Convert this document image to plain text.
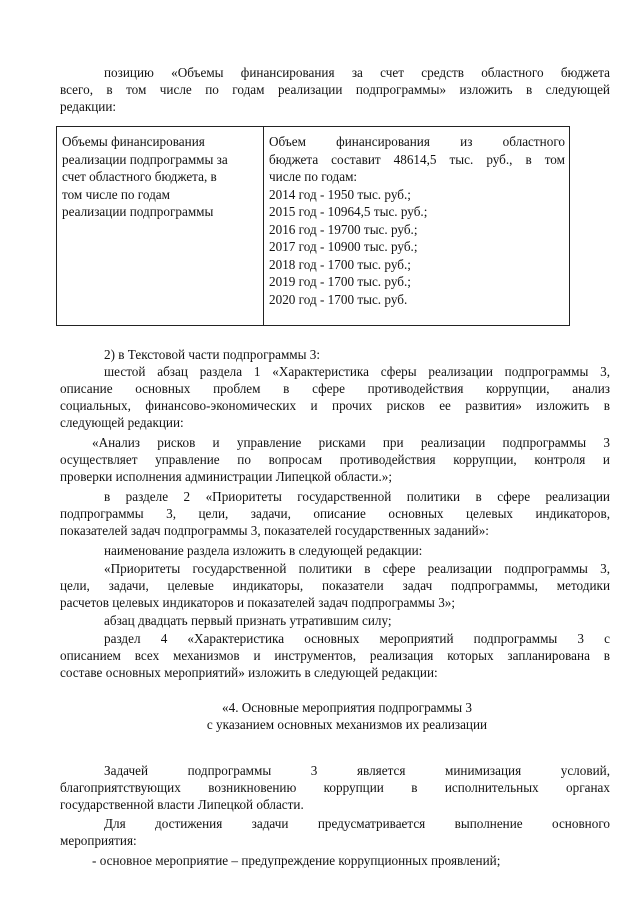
позицию «Объемы финансирования за счет средств областного бюджета

всего, в том числе по годам реализации подпрограммы» изложить в следующей

редакции:

Объемы финансирования
реализации подпрограммы за
счет областного бюджета, в
том числе по годам
реализации подпрограммы

Объем финансирования из областного
бюджета составит 48614,5 тыс. руб., в том
числе по годам:
2014 год - 1950 тыс. руб.;
2015 год - 10964,5 тыс. руб.;
2016 год - 19700 тыс. руб.;
2017 год - 10900 тыс. руб.;
2018 год - 1700 тыс. руб.;
2019 год - 1700 тыс. руб.;
2020 год - 1700 тыс. руб.

2) в Текстовой части подпрограммы 3:

шестой абзац раздела 1 «Характеристика сферы реализации подпрограммы 3,

описание основных проблем в сфере противодействия коррупции, анализ

социальных, финансово-экономических и прочих рисков ее развития» изложить в

следующей редакции:

«Анализ рисков и управление рисками при реализации подпрограммы 3

осуществляет управление по вопросам противодействия коррупции, контроля и

проверки исполнения администрации Липецкой области.»;

в разделе 2 «Приоритеты государственной политики в сфере реализации

подпрограммы 3, цели, задачи, описание основных целевых индикаторов,

показателей задач подпрограммы 3, показателей государственных заданий»:

наименование раздела изложить в следующей редакции:

«Приоритеты государственной политики в сфере реализации подпрограммы 3,

цели, задачи, целевые индикаторы, показатели задач подпрограммы, методики

расчетов целевых индикаторов и показателей задач подпрограммы 3»;

абзац двадцать первый признать утратившим силу;

раздел 4 «Характеристика основных мероприятий подпрограммы 3 с

описанием всех механизмов и инструментов, реализация которых запланирована в

составе основных мероприятий» изложить в следующей редакции:

«4. Основные мероприятия подпрограммы 3

с указанием основных механизмов их реализации

Задачей подпрограммы 3 является минимизация условий,

благоприятствующих возникновению коррупции в исполнительных органах

государственной власти Липецкой области.

Для достижения задачи предусматривается выполнение основного

мероприятия:

- основное мероприятие – предупреждение коррупционных проявлений;
